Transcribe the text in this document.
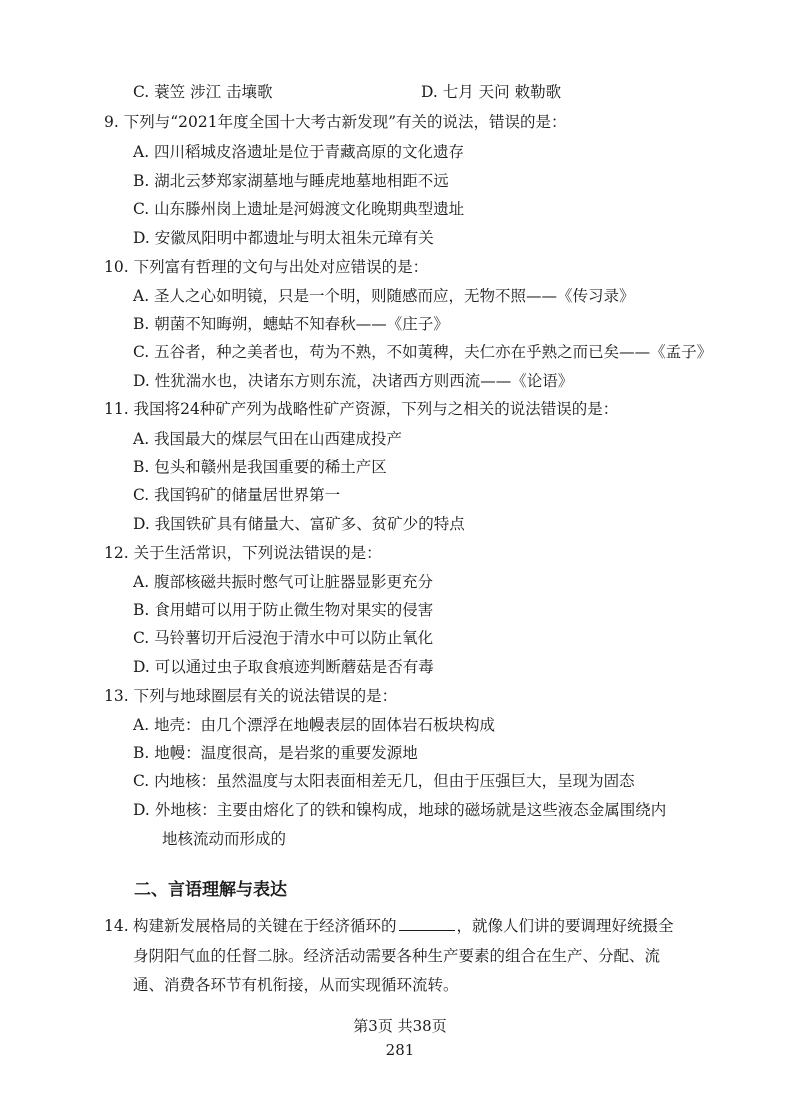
C. 蓑笠 涉江 击壤歌	D. 七月 天问 敕勒歌
9. 下列与“2021年度全国十大考古新发现”有关的说法，错误的是：
A. 四川稻城皮洛遗址是位于青藏高原的文化遗存
B. 湖北云梦郑家湖墓地与睡虎地墓地相距不远
C. 山东滕州岗上遗址是河姆渡文化晚期典型遗址
D. 安徽凤阳明中都遗址与明太祖朱元璋有关
10. 下列富有哲理的文句与出处对应错误的是：
A. 圣人之心如明镜，只是一个明，则随感而应，无物不照——《传习录》
B. 朝菌不知晦朔，蟪蛄不知春秋——《庄子》
C. 五谷者，种之美者也，苟为不熟，不如荑稗，夫仁亦在乎熟之而已矣——《孟子》
D. 性犹湍水也，决诸东方则东流，决诸西方则西流——《论语》
11. 我国将24种矿产列为战略性矿产资源，下列与之相关的说法错误的是：
A. 我国最大的煤层气田在山西建成投产
B. 包头和赣州是我国重要的稀土产区
C. 我国钨矿的储量居世界第一
D. 我国铁矿具有储量大、富矿多、贫矿少的特点
12. 关于生活常识，下列说法错误的是：
A. 腹部核磁共振时憋气可让脏器显影更充分
B. 食用蜡可以用于防止微生物对果实的侵害
C. 马铃薯切开后浸泡于清水中可以防止氧化
D. 可以通过虫子取食痕迹判断蘑菇是否有毒
13. 下列与地球圈层有关的说法错误的是：
A. 地壳：由几个漂浮在地幔表层的固体岩石板块构成
B. 地幔：温度很高，是岩浆的重要发源地
C. 内地核：虽然温度与太阳表面相差无几，但由于压强巨大，呈现为固态
D. 外地核：主要由熔化了的铁和镍构成，地球的磁场就是这些液态金属围绕内
地核流动而形成的
二、言语理解与表达
14. 构建新发展格局的关键在于经济循环的	，就像人们讲的要调理好统摄全
身阴阳气血的任督二脉。经济活动需要各种生产要素的组合在生产、分配、流
通、消费各环节有机衔接，从而实现循环流转。
第3页 共38页
281
